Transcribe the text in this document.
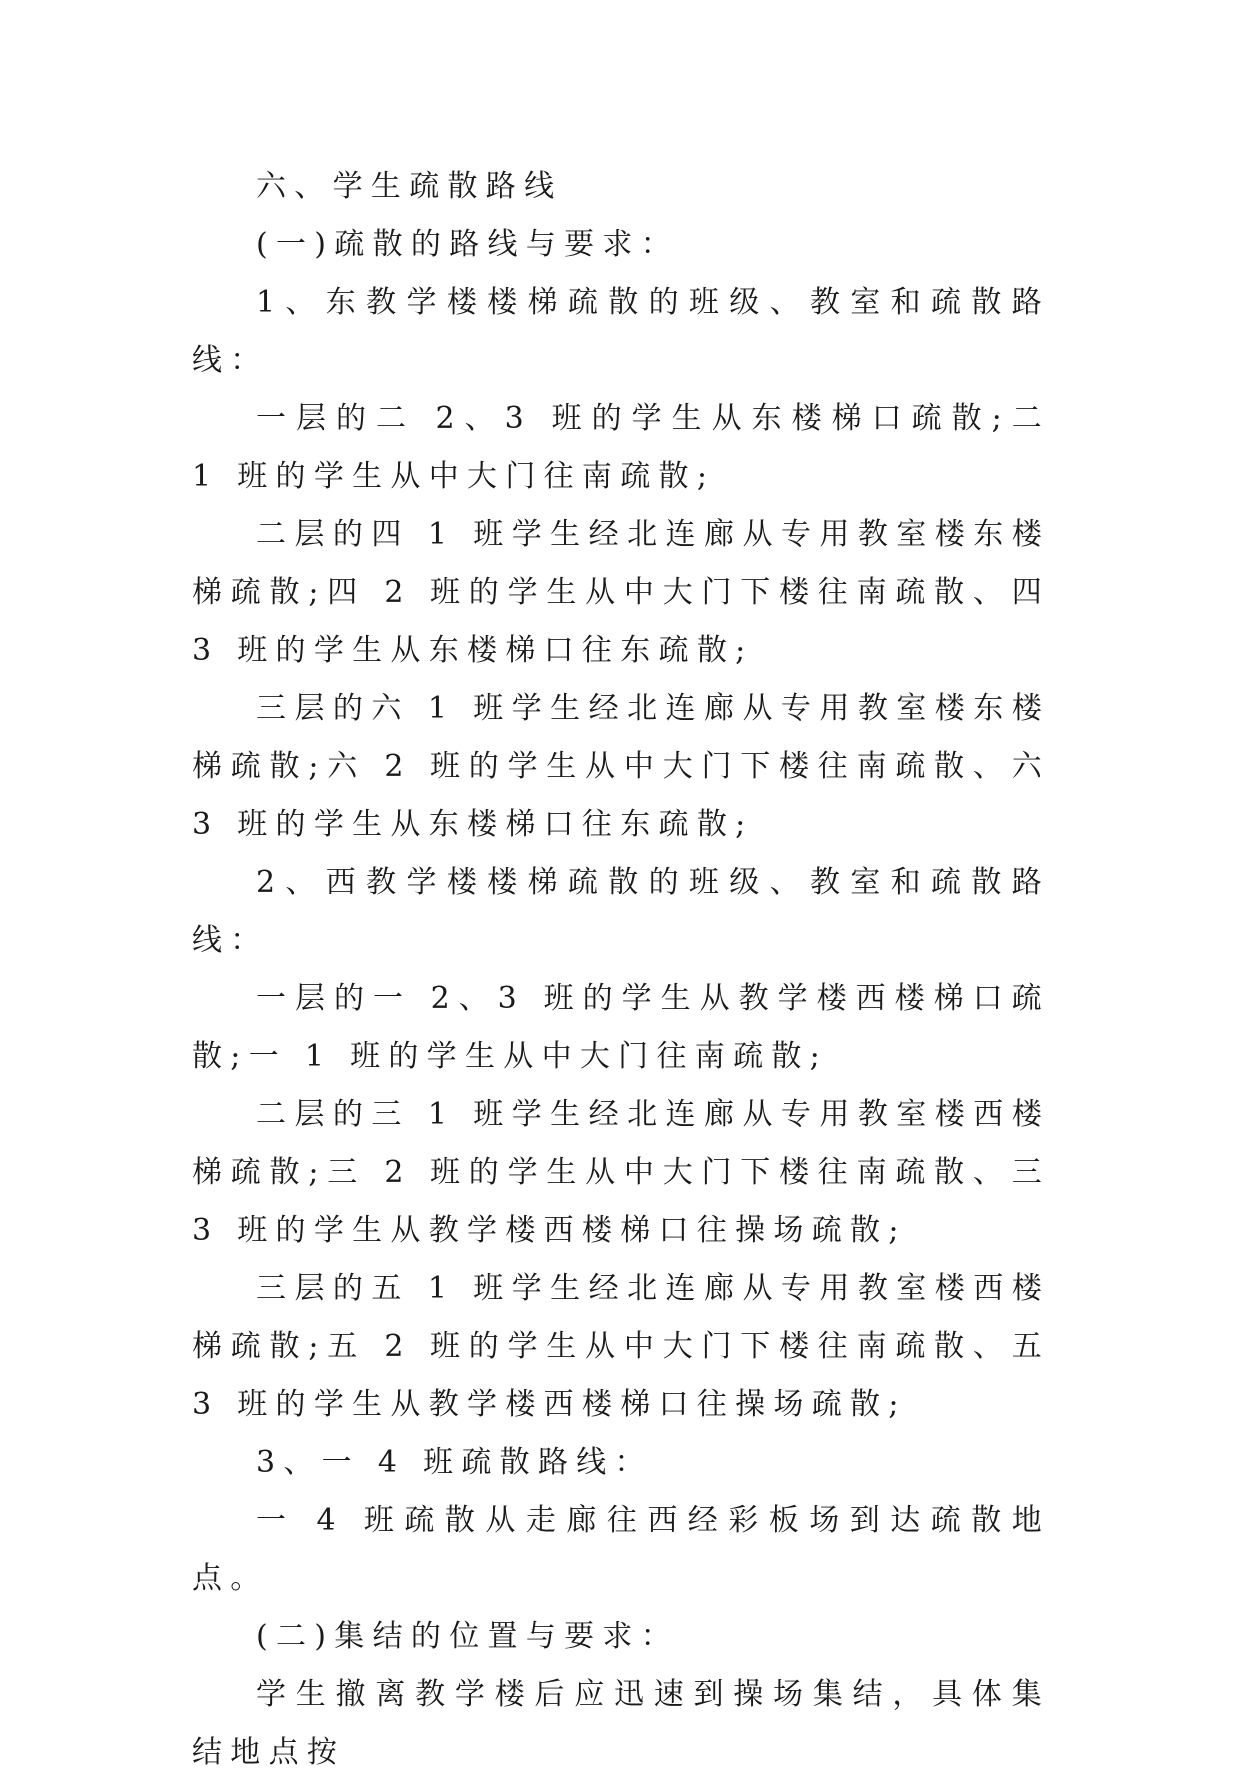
六、学生疏散路线

(一)疏散的路线与要求：

1、东教学楼楼梯疏散的班级、教室和疏散路线：

一层的二 2、3 班的学生从东楼梯口疏散;二 1 班的学生从中大门往南疏散;

二层的四 1 班学生经北连廊从专用教室楼东楼梯疏散;四 2 班的学生从中大门下楼往南疏散、四 3 班的学生从东楼梯口往东疏散;

三层的六 1 班学生经北连廊从专用教室楼东楼梯疏散;六 2 班的学生从中大门下楼往南疏散、六 3 班的学生从东楼梯口往东疏散;

2、西教学楼楼梯疏散的班级、教室和疏散路线：

一层的一 2、3 班的学生从教学楼西楼梯口疏散;一 1 班的学生从中大门往南疏散;

二层的三 1 班学生经北连廊从专用教室楼西楼梯疏散;三 2 班的学生从中大门下楼往南疏散、三 3 班的学生从教学楼西楼梯口往操场疏散;

三层的五 1 班学生经北连廊从专用教室楼西楼梯疏散;五 2 班的学生从中大门下楼往南疏散、五 3 班的学生从教学楼西楼梯口往操场疏散;

3、一 4 班疏散路线：

一 4 班疏散从走廊往西经彩板场到达疏散地点。

(二)集结的位置与要求：

学生撤离教学楼后应迅速到操场集结，具体集结地点按
